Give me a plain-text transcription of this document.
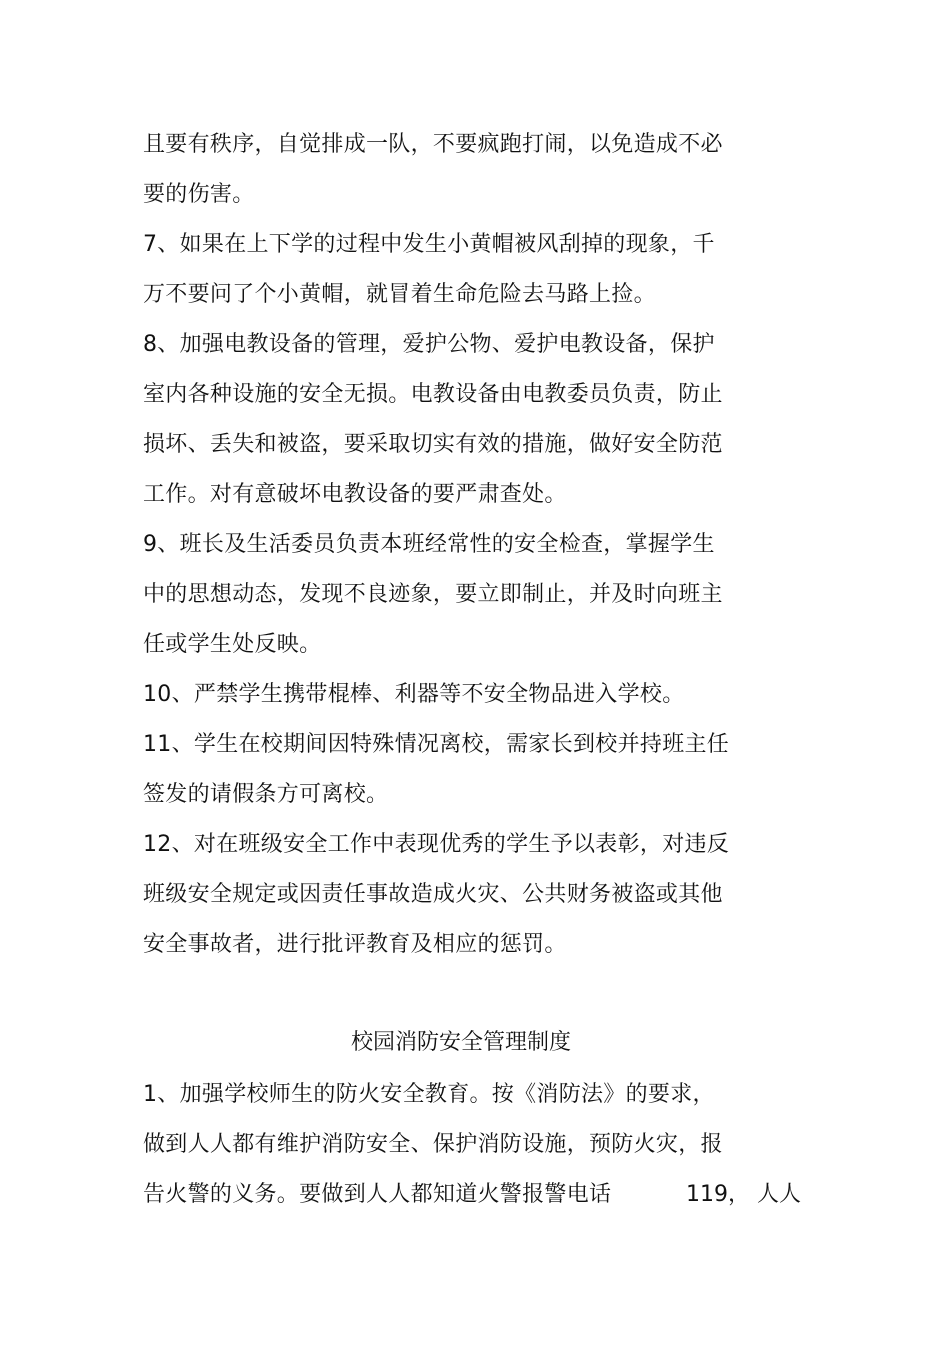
且要有秩序，自觉排成一队，不要疯跑打闹，以免造成不必
要的伤害。
7、如果在上下学的过程中发生小黄帽被风刮掉的现象，千
万不要问了个小黄帽，就冒着生命危险去马路上捡。
8、加强电教设备的管理，爱护公物、爱护电教设备，保护
室内各种设施的安全无损。电教设备由电教委员负责，防止
损坏、丢失和被盗，要采取切实有效的措施，做好安全防范
工作。对有意破坏电教设备的要严肃查处。
9、班长及生活委员负责本班经常性的安全检查，掌握学生
中的思想动态，发现不良迹象，要立即制止，并及时向班主
任或学生处反映。
10、严禁学生携带棍棒、利器等不安全物品进入学校。
11、学生在校期间因特殊情况离校，需家长到校并持班主任
签发的请假条方可离校。
12、对在班级安全工作中表现优秀的学生予以表彰，对违反
班级安全规定或因责任事故造成火灾、公共财务被盗或其他
安全事故者，进行批评教育及相应的惩罚。
校园消防安全管理制度
1、加强学校师生的防火安全教育。按《消防法》的要求，
做到人人都有维护消防安全、保护消防设施，预防火灾，报
告火警的义务。要做到人人都知道火警报警电话	119， 人人
